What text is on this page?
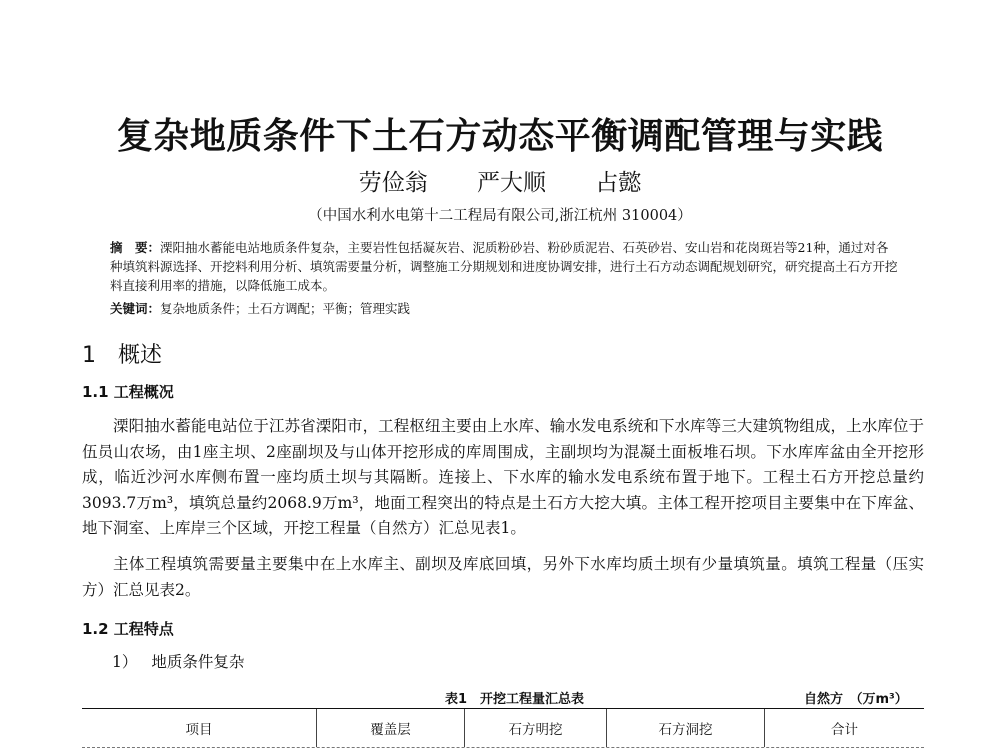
复杂地质条件下土石方动态平衡调配管理与实践
劳俭翁 严大顺 占懿
（中国水利水电第十二工程局有限公司,浙江杭州 310004）
摘　要：溧阳抽水蓄能电站地质条件复杂，主要岩性包括凝灰岩、泥质粉砂岩、粉砂质泥岩、石英砂岩、安山岩和花岗斑岩等21种，通过对各种填筑料源选择、开挖料利用分析、填筑需要量分析，调整施工分期规划和进度协调安排，进行土石方动态调配规划研究，研究提高土石方开挖料直接利用率的措施，以降低施工成本。
关键词：复杂地质条件；土石方调配；平衡；管理实践
1 概述
1.1 工程概况
溧阳抽水蓄能电站位于江苏省溧阳市，工程枢纽主要由上水库、输水发电系统和下水库等三大建筑物组成，上水库位于伍员山农场，由1座主坝、2座副坝及与山体开挖形成的库周围成，主副坝均为混凝土面板堆石坝。下水库库盆由全开挖形成，临近沙河水库侧布置一座均质土坝与其隔断。连接上、下水库的输水发电系统布置于地下。工程土石方开挖总量约3093.7万m³，填筑总量约2068.9万m³，地面工程突出的特点是土石方大挖大填。主体工程开挖项目主要集中在下库盆、地下洞室、上库岸三个区域，开挖工程量（自然方）汇总见表1。
主体工程填筑需要量主要集中在上水库主、副坝及库底回填，另外下水库均质土坝有少量填筑量。填筑工程量（压实方）汇总见表2。
1.2 工程特点
1） 地质条件复杂
表1　开挖工程量汇总表	自然方　（万m³）
项目	覆盖层	石方明挖	石方洞挖	合计
